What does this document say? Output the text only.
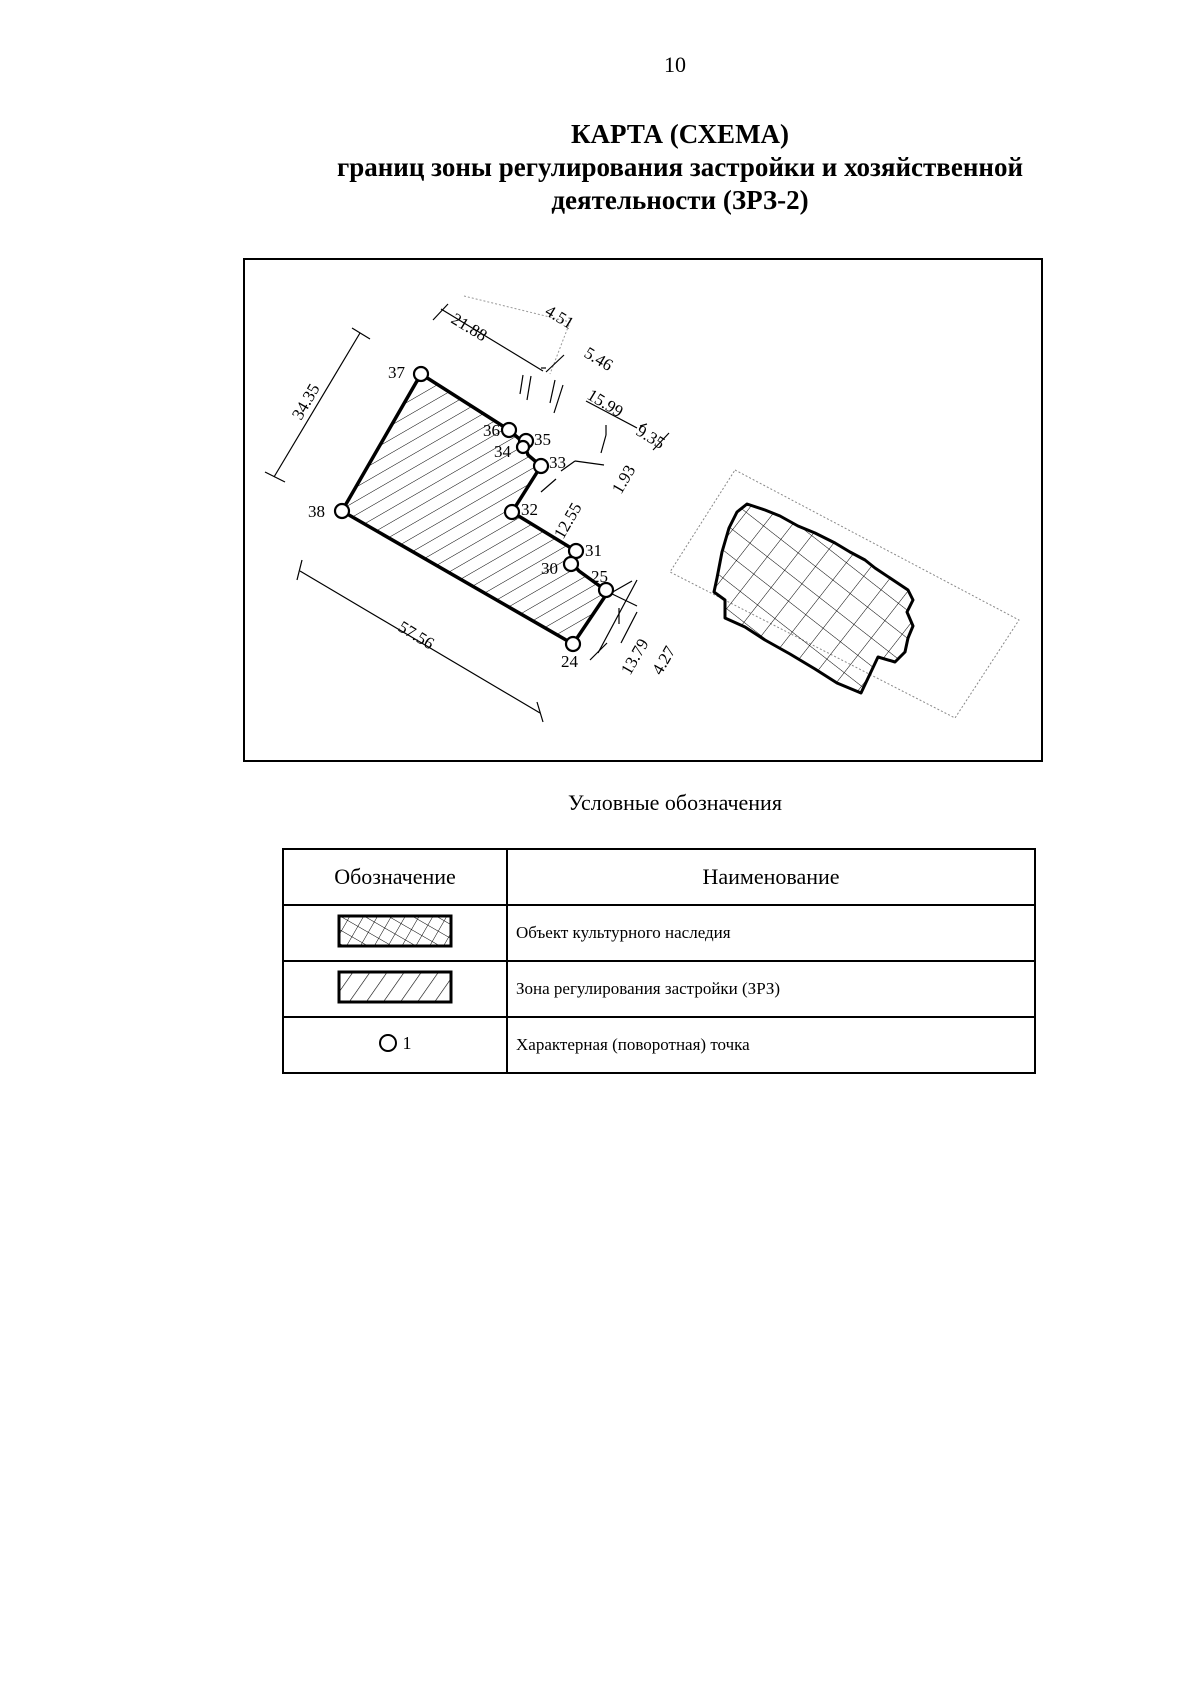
10
КАРТА (СХЕМА)
границ зоны регулирования застройки и хозяйственной
деятельности (ЗРЗ-2)
37
36 35
34
33
32
31
30 25
24
38
21.88	4.51
5.46
15.99
9.35
1.93
12.55
34.35
57.56
13.79
4.27
Условные обозначения
Обозначение	Наименование
	Объект культурного наследия
	Зона регулирования застройки (ЗРЗ)

1	Характерная (поворотная) точка
